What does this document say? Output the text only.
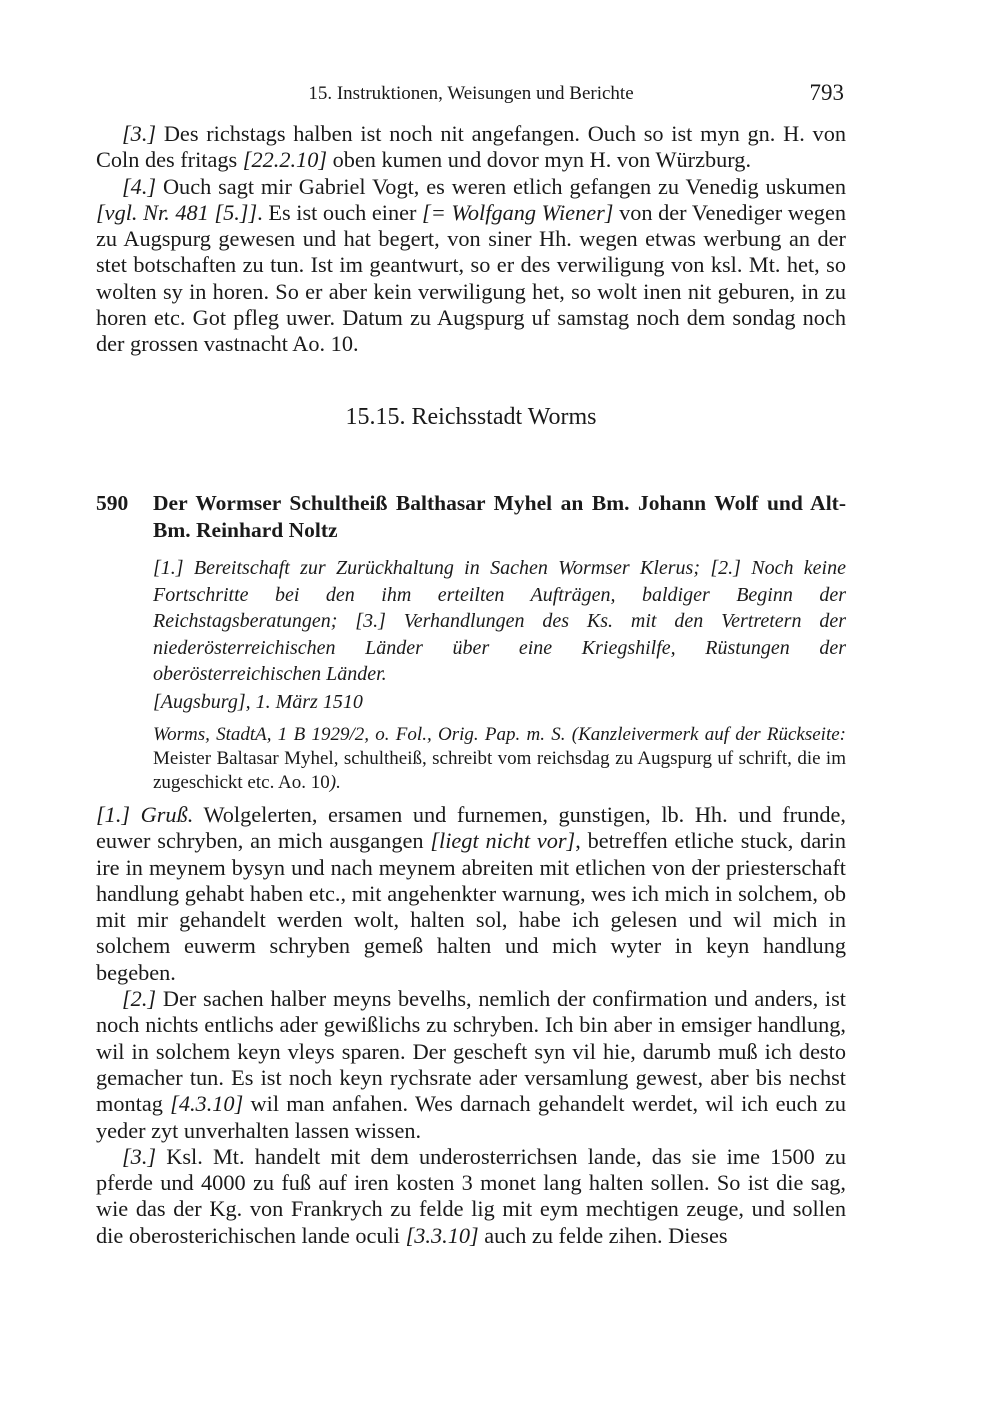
15. Instruktionen, Weisungen und Berichte	793

[3.] Des richstags halben ist noch nit angefangen. Ouch so ist myn gn. H. von Coln des fritags [22.2.10] oben kumen und dovor myn H. von Würzburg.

[4.] Ouch sagt mir Gabriel Vogt, es weren etlich gefangen zu Venedig uskumen [vgl. Nr. 481 [5.]]. Es ist ouch einer [= Wolfgang Wiener] von der Venediger wegen zu Augspurg gewesen und hat begert, von siner Hh. wegen etwas werbung an der stet botschaften zu tun. Ist im geantwurt, so er des verwiligung von ksl. Mt. het, so wolten sy in horen. So er aber kein verwiligung het, so wolt inen nit geburen, in zu horen etc. Got pfleg uwer. Datum zu Augspurg uf samstag noch dem sondag noch der grossen vastnacht Ao. 10.

15.15. Reichsstadt Worms
590 Der Wormser Schultheiß Balthasar Myhel an Bm. Johann Wolf und Alt-Bm. Reinhard Noltz
[1.] Bereitschaft zur Zurückhaltung in Sachen Wormser Klerus; [2.] Noch keine Fortschritte bei den ihm erteilten Aufträgen, baldiger Beginn der Reichstagsberatungen; [3.] Verhandlungen des Ks. mit den Vertretern der niederösterreichischen Länder über eine Kriegshilfe, Rüstungen der oberösterreichischen Länder.
[Augsburg], 1. März 1510
Worms, StadtA, 1 B 1929/2, o. Fol., Orig. Pap. m. S. (Kanzleivermerk auf der Rückseite: Meister Baltasar Myhel, schultheiß, schreibt vom reichsdag zu Augspurg uf schrift, die im zugeschickt etc. Ao. 10).

[1.] Gruß. Wolgelerten, ersamen und furnemen, gunstigen, lb. Hh. und frunde, euwer schryben, an mich ausgangen [liegt nicht vor], betreffen etliche stuck, darin ire in meynem bysyn und nach meynem abreiten mit etlichen von der priesterschaft handlung gehabt haben etc., mit angehenkter warnung, wes ich mich in solchem, ob mit mir gehandelt werden wolt, halten sol, habe ich gelesen und wil mich in solchem euwerm schryben gemeß halten und mich wyter in keyn handlung begeben.

[2.] Der sachen halber meyns bevelhs, nemlich der confirmation und anders, ist noch nichts entlichs ader gewißlichs zu schryben. Ich bin aber in emsiger handlung, wil in solchem keyn vleys sparen. Der gescheft syn vil hie, darumb muß ich desto gemacher tun. Es ist noch keyn rychsrate ader versamlung gewest, aber bis nechst montag [4.3.10] wil man anfahen. Wes darnach gehandelt werdet, wil ich euch zu yeder zyt unverhalten lassen wissen.

[3.] Ksl. Mt. handelt mit dem underosterrichsen lande, das sie ime 1500 zu pferde und 4000 zu fuß auf iren kosten 3 monet lang halten sollen. So ist die sag, wie das der Kg. von Frankrych zu felde lig mit eym mechtigen zeuge, und sollen die oberosterichischen lande oculi [3.3.10] auch zu felde zihen. Dieses
